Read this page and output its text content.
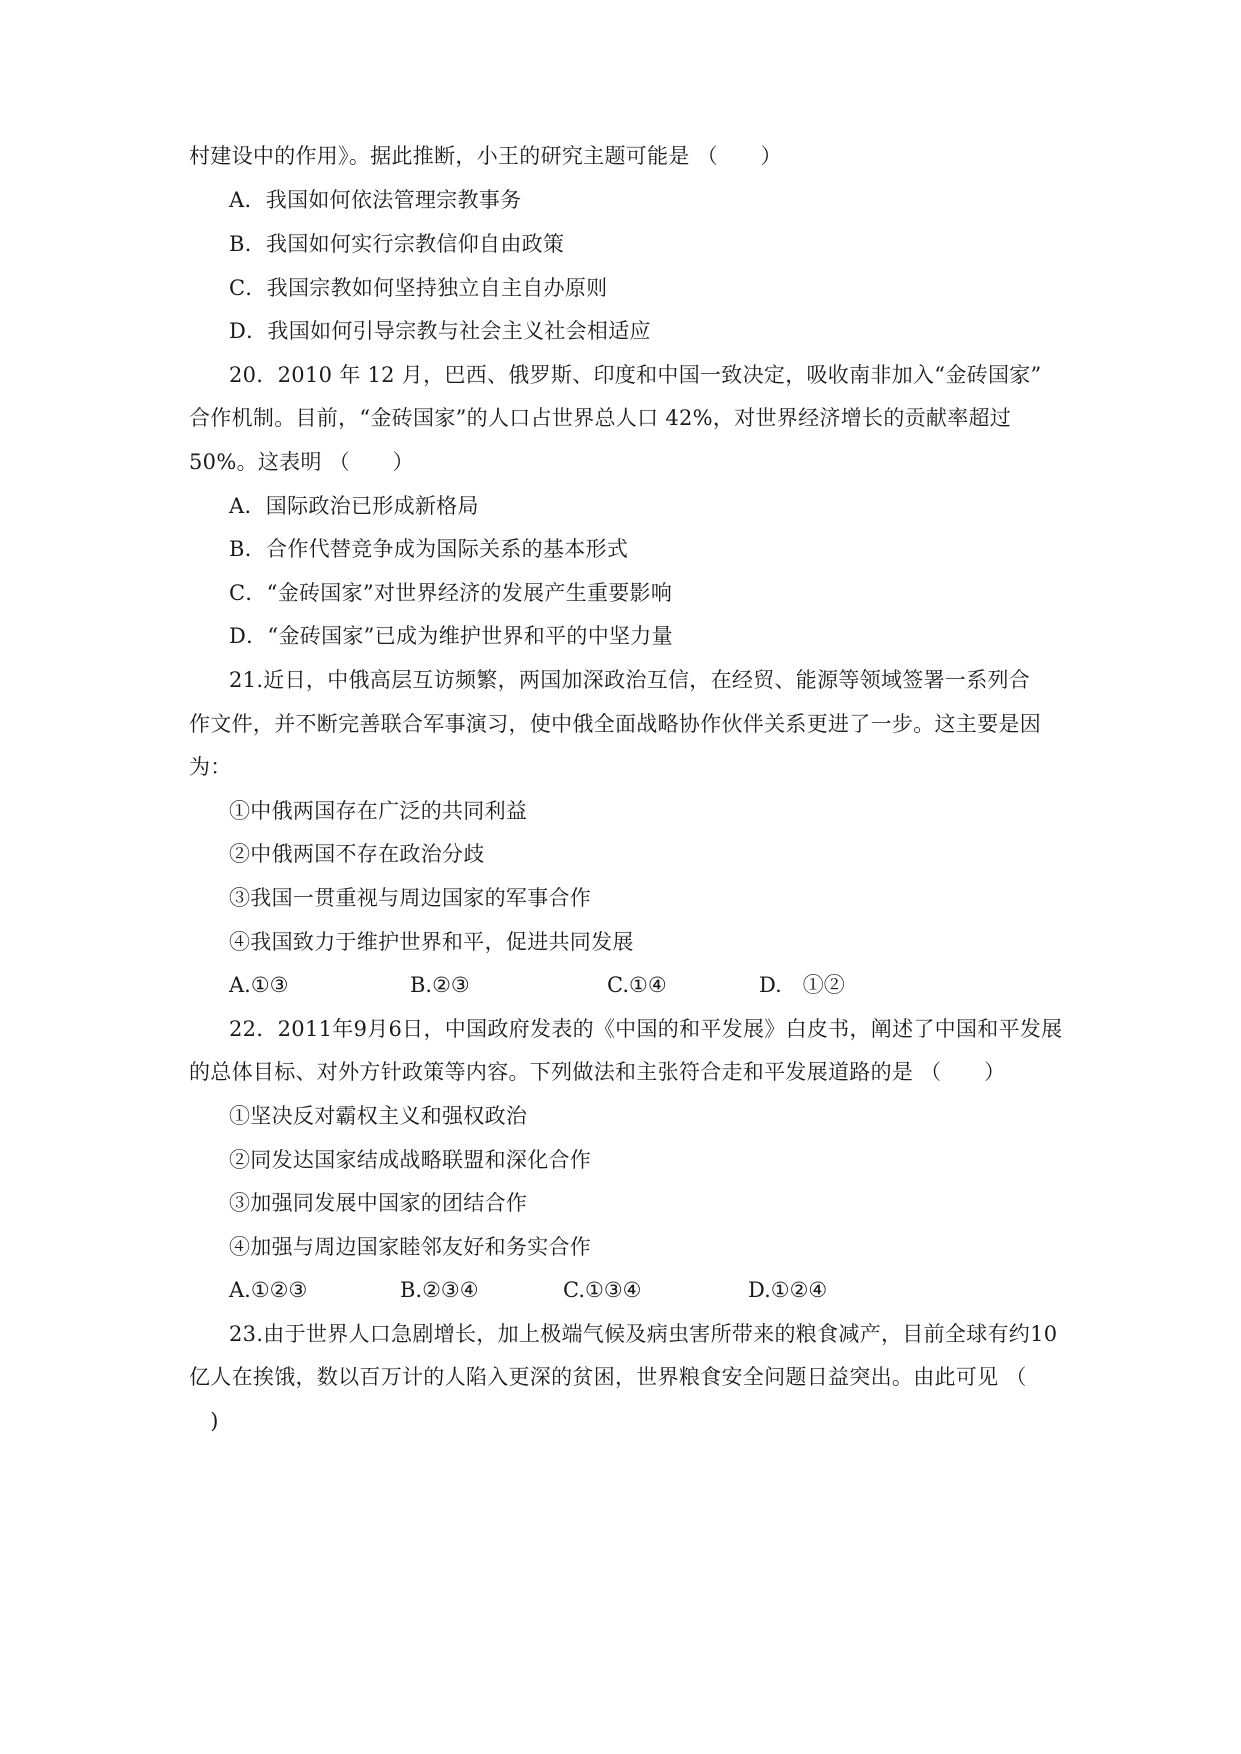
村建设中的作用》。据此推断，小王的研究主题可能是 （　　）
A．我国如何依法管理宗教事务
B．我国如何实行宗教信仰自由政策
C．我国宗教如何坚持独立自主自办原则
D．我国如何引导宗教与社会主义社会相适应
20．2010 年 12 月，巴西、俄罗斯、印度和中国一致决定，吸收南非加入“金砖国家”
合作机制。目前，“金砖国家”的人口占世界总人口 42%，对世界经济增长的贡献率超过
50%。这表明 （　　）
A．国际政治已形成新格局
B．合作代替竞争成为国际关系的基本形式
C．“金砖国家”对世界经济的发展产生重要影响
D．“金砖国家”已成为维护世界和平的中坚力量
21.近日，中俄高层互访频繁，两国加深政治互信，在经贸、能源等领域签署一系列合
作文件，并不断完善联合军事演习，使中俄全面战略协作伙伴关系更进了一步。这主要是因
为：
①中俄两国存在广泛的共同利益
②中俄两国不存在政治分歧
③我国一贯重视与周边国家的军事合作
④我国致力于维护世界和平，促进共同发展
A.①③	B.②③	C.①④	D.　①②
22．2011年9月6日，中国政府发表的《中国的和平发展》白皮书，阐述了中国和平发展
的总体目标、对外方针政策等内容。下列做法和主张符合走和平发展道路的是 （　　）
①坚决反对霸权主义和强权政治
②同发达国家结成战略联盟和深化合作
③加强同发展中国家的团结合作
④加强与周边国家睦邻友好和务实合作
A.①②③	B.②③④	C.①③④	D.①②④
23.由于世界人口急剧增长，加上极端气候及病虫害所带来的粮食减产，目前全球有约10
亿人在挨饿，数以百万计的人陷入更深的贫困，世界粮食安全问题日益突出。由此可见 （
　)
